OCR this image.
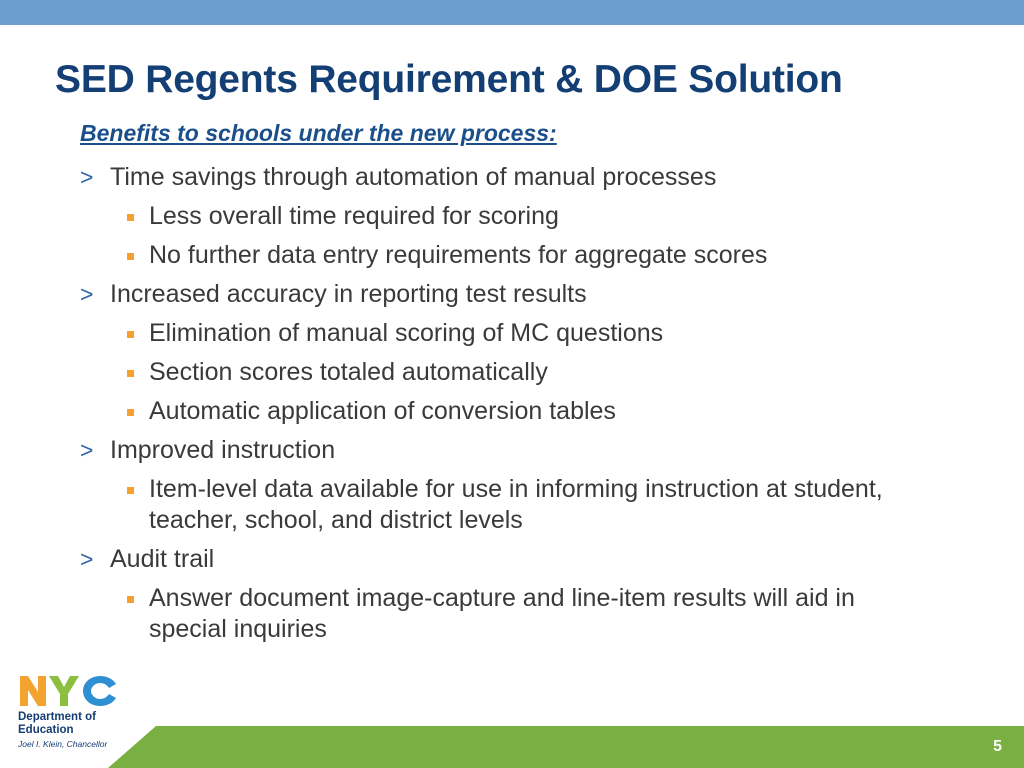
SED Regents Requirement & DOE Solution

Benefits to schools under the new process:

> Time savings through automation of manual processes
Less overall time required for scoring
No further data entry requirements for aggregate scores
> Increased accuracy in reporting test results
Elimination of manual scoring of MC questions
Section scores totaled automatically
Automatic application of conversion tables
> Improved instruction
Item-level data available for use in informing instruction at student, teacher, school, and district levels
> Audit trail
Answer document image-capture and line-item results will aid in special inquiries
Department of
Education
Joel I. Klein, Chancellor	5
